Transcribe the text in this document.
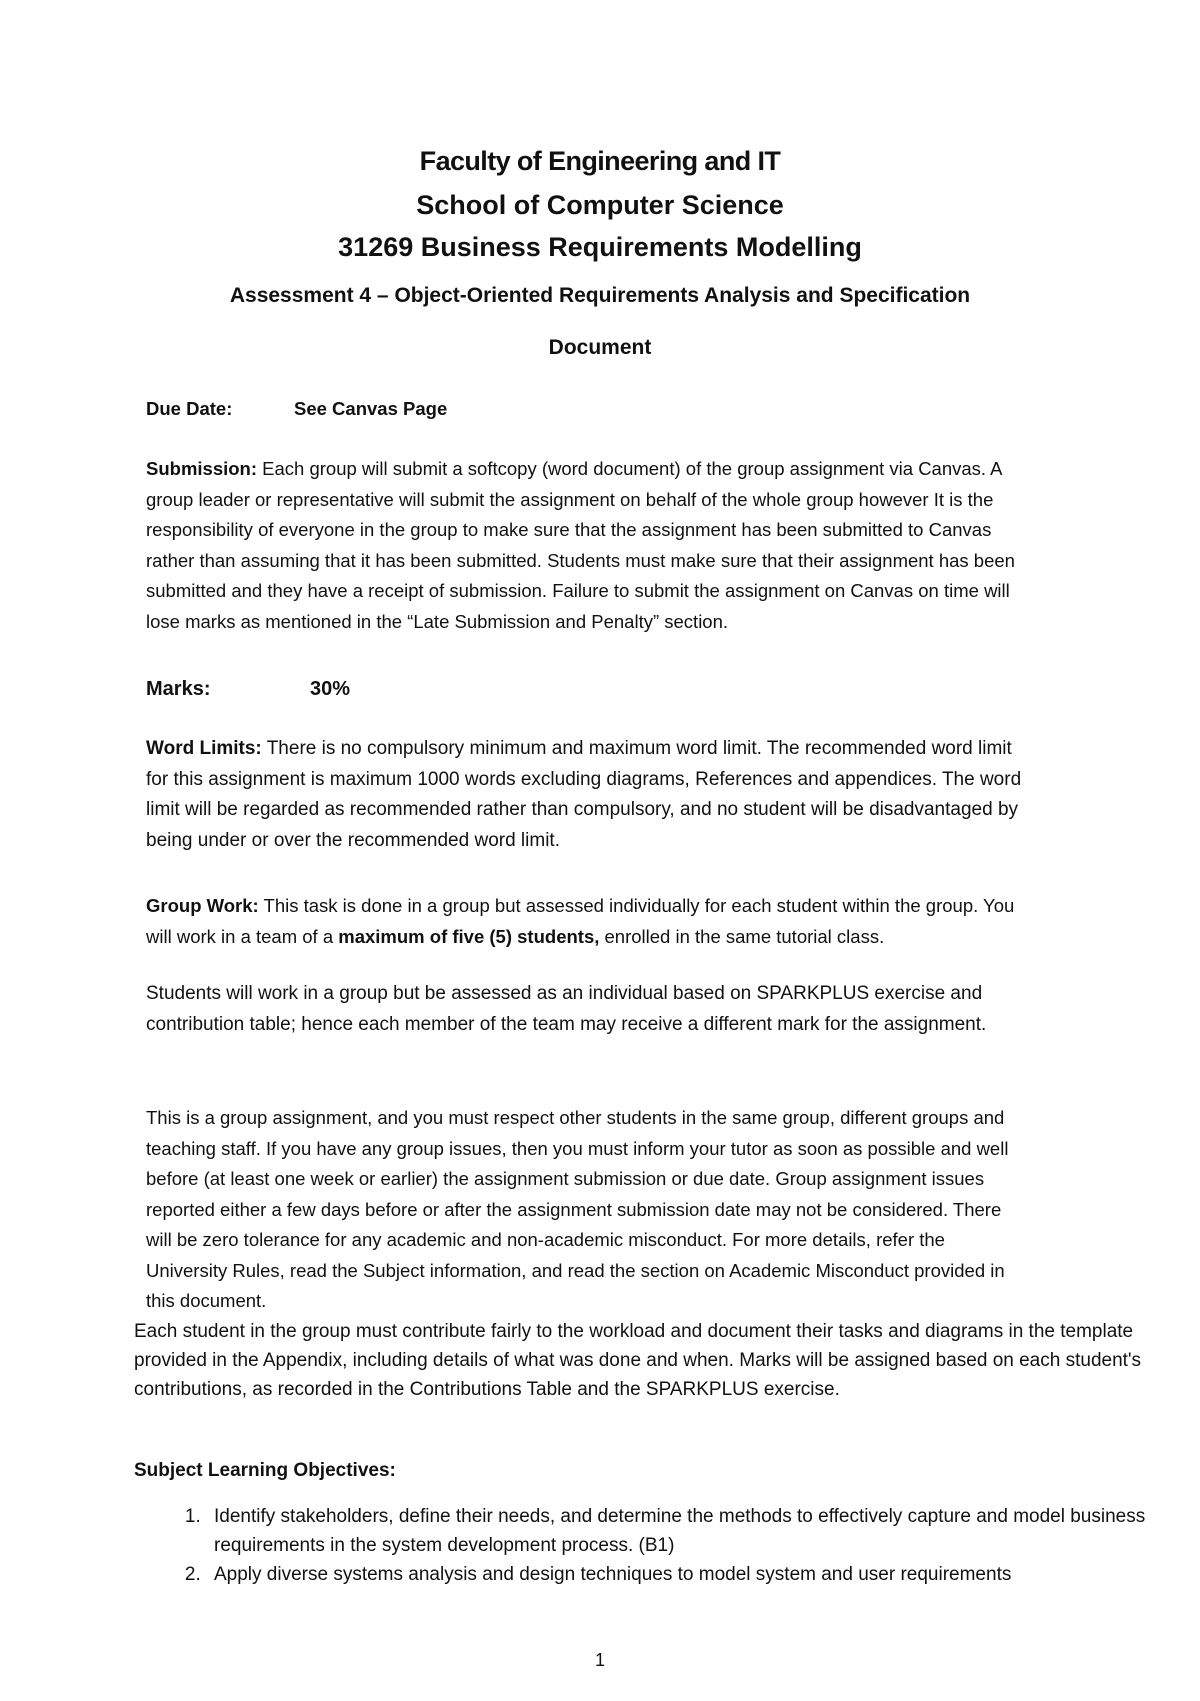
Faculty of Engineering and IT
School of Computer Science
31269 Business Requirements Modelling
Assessment 4 – Object-Oriented Requirements Analysis and Specification
Document
Due Date:	See Canvas Page

Submission: Each group will submit a softcopy (word document) of the group assignment via Canvas. A group leader or representative will submit the assignment on behalf of the whole group however It is the responsibility of everyone in the group to make sure that the assignment has been submitted to Canvas rather than assuming that it has been submitted. Students must make sure that their assignment has been submitted and they have a receipt of submission. Failure to submit the assignment on Canvas on time will lose marks as mentioned in the “Late Submission and Penalty” section.

Marks:	30%

Word Limits: There is no compulsory minimum and maximum word limit. The recommended word limit for this assignment is maximum 1000 words excluding diagrams, References and appendices. The word limit will be regarded as recommended rather than compulsory, and no student will be disadvantaged by being under or over the recommended word limit.

Group Work: This task is done in a group but assessed individually for each student within the group. You will work in a team of a maximum of five (5) students, enrolled in the same tutorial class.

Students will work in a group but be assessed as an individual based on SPARKPLUS exercise and contribution table; hence each member of the team may receive a different mark for the assignment.

This is a group assignment, and you must respect other students in the same group, different groups and teaching staff. If you have any group issues, then you must inform your tutor as soon as possible and well before (at least one week or earlier) the assignment submission or due date. Group assignment issues reported either a few days before or after the assignment submission date may not be considered. There will be zero tolerance for any academic and non-academic misconduct. For more details, refer the University Rules, read the Subject information, and read the section on Academic Misconduct provided in this document.

Each student in the group must contribute fairly to the workload and document their tasks and diagrams in the template provided in the Appendix, including details of what was done and when. Marks will be assigned based on each student's contributions, as recorded in the Contributions Table and the SPARKPLUS exercise.

Subject Learning Objectives:
1. Identify stakeholders, define their needs, and determine the methods to effectively capture and model business requirements in the system development process. (B1)
2. Apply diverse systems analysis and design techniques to model system and user requirements
1
